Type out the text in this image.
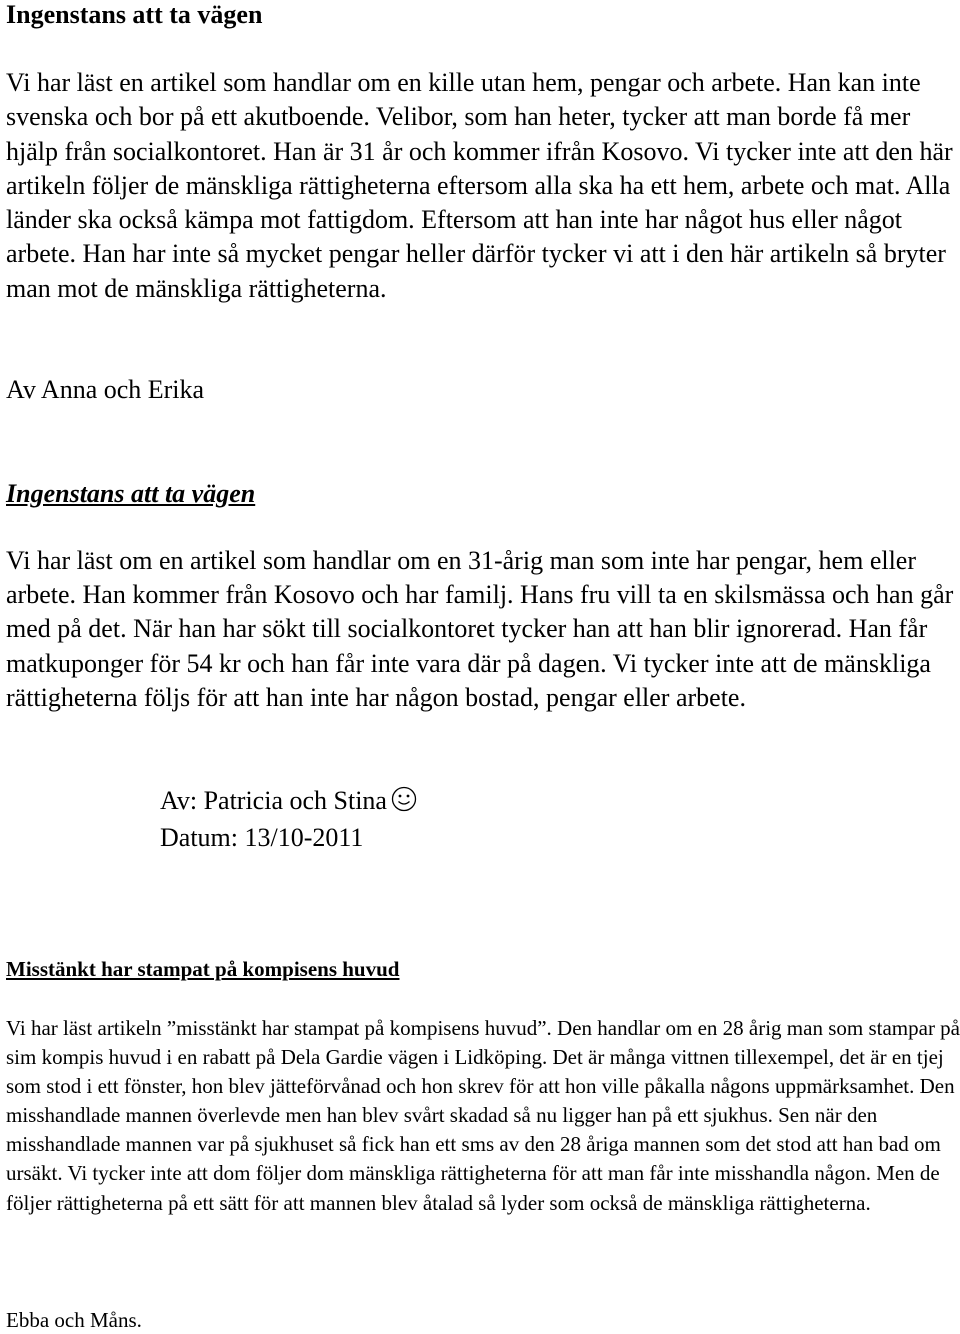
Ingenstans att ta vägen

Vi har läst en artikel som handlar om en kille utan hem, pengar och arbete. Han kan inte svenska och bor på ett akutboende. Velibor, som han heter, tycker att man borde få mer hjälp från socialkontoret. Han är 31 år och kommer ifrån Kosovo. Vi tycker inte att den här artikeln följer de mänskliga rättigheterna eftersom alla ska ha ett hem, arbete och mat. Alla länder ska också kämpa mot fattigdom. Eftersom att han inte har något hus eller något arbete. Han har inte så mycket pengar heller därför tycker vi att i den här artikeln så bryter man mot de mänskliga rättigheterna.

Av Anna och Erika

Ingenstans att ta vägen

Vi har läst om en artikel som handlar om en 31-årig man som inte har pengar, hem eller arbete. Han kommer från Kosovo och har familj. Hans fru vill ta en skilsmässa och han går med på det. När han har sökt till socialkontoret tycker han att han blir ignorerad. Han får matkuponger för 54 kr och han får inte vara där på dagen. Vi tycker inte att de mänskliga rättigheterna följs för att han inte har någon bostad, pengar eller arbete.

Av: Patricia och Stina
Datum: 13/10-2011
Misstänkt har stampat på kompisens huvud

Vi har läst artikeln ”misstänkt har stampat på kompisens huvud”. Den handlar om en 28 årig man som stampar på sim kompis huvud i en rabatt på Dela Gardie vägen i Lidköping. Det är många vittnen tillexempel, det är en tjej som stod i ett fönster, hon blev jätteförvånad och hon skrev för att hon ville påkalla någons uppmärksamhet. Den misshandlade mannen överlevde men han blev svårt skadad så nu ligger han på ett sjukhus. Sen när den misshandlade mannen var på sjukhuset så fick han ett sms av den 28 åriga mannen som det stod att han bad om ursäkt. Vi tycker inte att dom följer dom mänskliga rättigheterna för att man får inte misshandla någon. Men de följer rättigheterna på ett sätt för att mannen blev åtalad så lyder som också de mänskliga rättigheterna.

Ebba och Måns.
